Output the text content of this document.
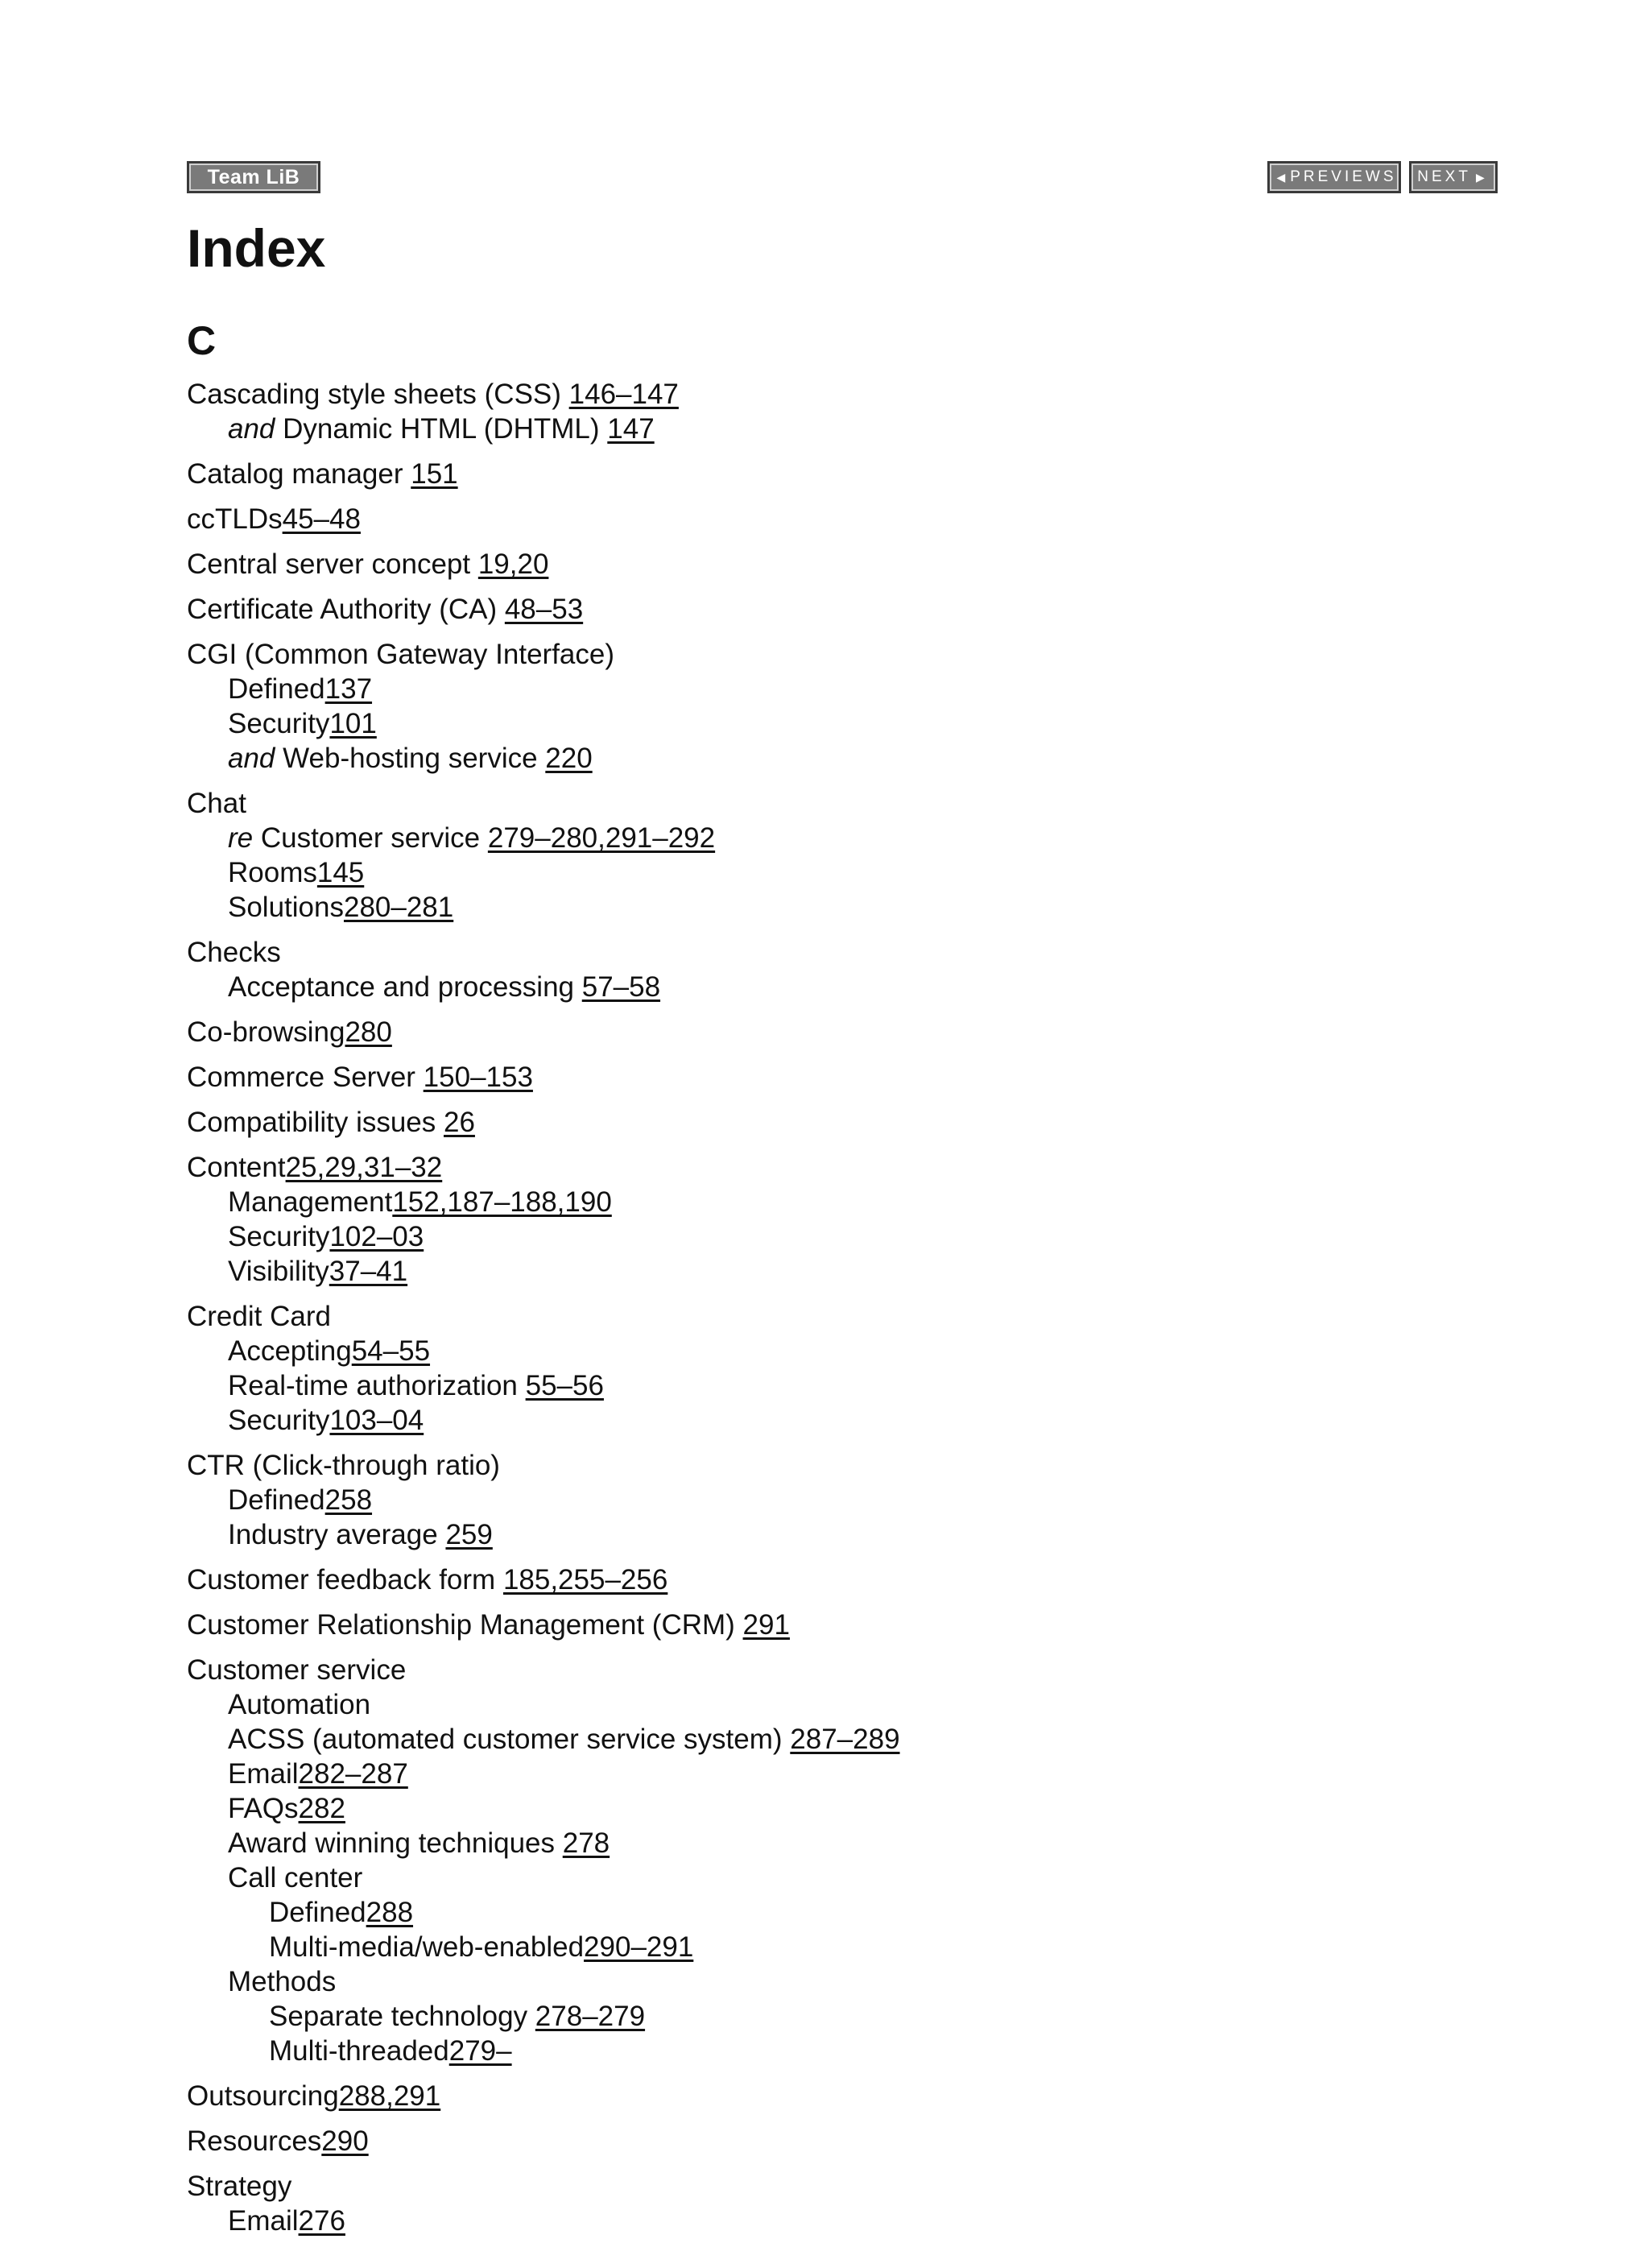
Team LiB	◀ PREVIEWS NEXT ▶
Index
C
Cascading style sheets (CSS) 146–147
and Dynamic HTML (DHTML) 147
Catalog manager 151
ccTLDs45–48
Central server concept 19,20
Certificate Authority (CA) 48–53
CGI (Common Gateway Interface)
Defined137
Security101
and Web-hosting service 220
Chat
re Customer service 279–280,291–292
Rooms145
Solutions280–281
Checks
Acceptance and processing 57–58
Co-browsing280
Commerce Server 150–153
Compatibility issues 26
Content25,29,31–32
Management152,187–188,190
Security102–03
Visibility37–41
Credit Card
Accepting54–55
Real-time authorization 55–56
Security103–04
CTR (Click-through ratio)
Defined258
Industry average 259
Customer feedback form 185,255–256
Customer Relationship Management (CRM) 291
Customer service
Automation
ACSS (automated customer service system) 287–289
Email282–287
FAQs282
Award winning techniques 278
Call center
Defined288
Multi-media/web-enabled290–291
Methods
Separate technology 278–279
Multi-threaded279–
Outsourcing288,291
Resources290
Strategy
Email276
